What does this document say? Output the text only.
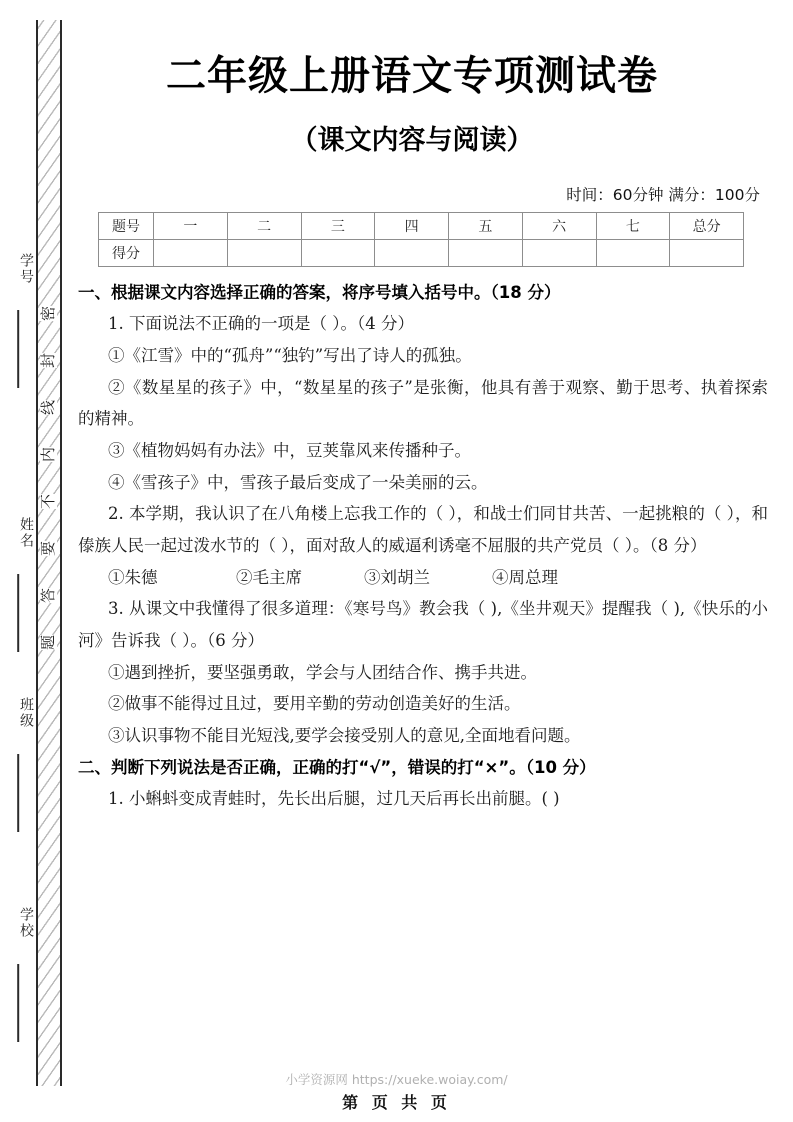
学号
姓名
班级
学校
密
封
线
内
不
要
答
题
二年级上册语文专项测试卷
（课文内容与阅读）
时间：60分钟 满分：100分
题号	一	二	三	四	五	六	七	总分
得分								

一、根据课文内容选择正确的答案，将序号填入括号中。（18 分）

1. 下面说法不正确的一项是（ ）。（4 分）

①《江雪》中的“孤舟”“独钓”写出了诗人的孤独。

②《数星星的孩子》中，“数星星的孩子”是张衡，他具有善于观察、勤于思考、执着探索的精神。

③《植物妈妈有办法》中，豆荚靠风来传播种子。

④《雪孩子》中，雪孩子最后变成了一朵美丽的云。

2. 本学期，我认识了在八角楼上忘我工作的（ ），和战士们同甘共苦、一起挑粮的（ ），和傣族人民一起过泼水节的（ ），面对敌人的威逼利诱毫不屈服的共产党员（ ）。（8 分）

①朱德	②毛主席	③刘胡兰	④周总理

3. 从课文中我懂得了很多道理：《寒号鸟》教会我（ ),《坐井观天》提醒我（ ),《快乐的小河》告诉我（ ）。（6 分）

①遇到挫折，要坚强勇敢，学会与人团结合作、携手共进。

②做事不能得过且过，要用辛勤的劳动创造美好的生活。

③认识事物不能目光短浅,要学会接受别人的意见,全面地看问题。

二、判断下列说法是否正确，正确的打“√”，错误的打“×”。（10 分）

1. 小蝌蚪变成青蛙时，先长出后腿，过几天后再长出前腿。( )

小学资源网 https://xueke.woiay.com/
第 页 共 页
